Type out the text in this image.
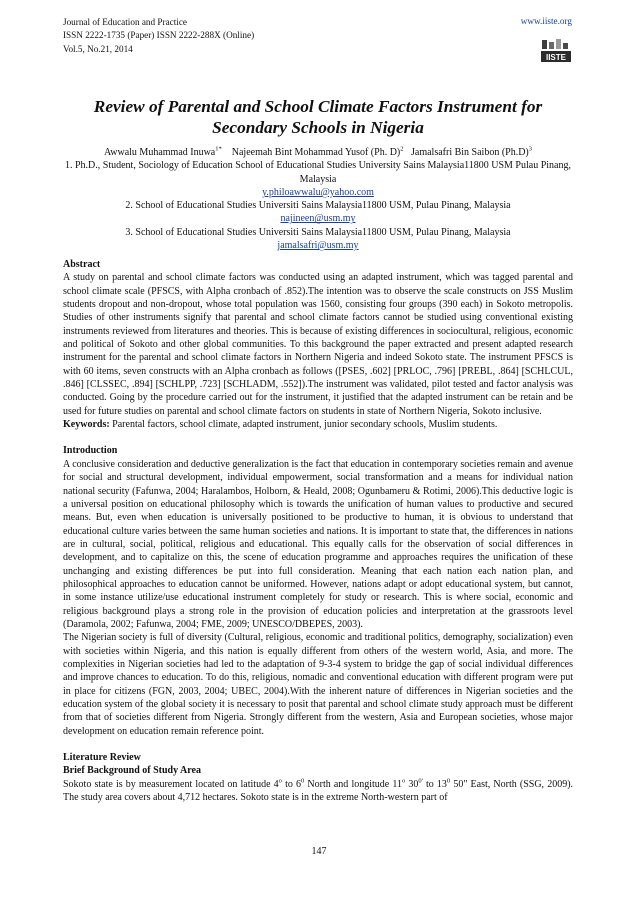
Journal of Education and Practice
ISSN 2222-1735 (Paper) ISSN 2222-288X (Online)
Vol.5, No.21, 2014
www.iiste.org
IISTE
Review of Parental and School Climate Factors Instrument for
Secondary Schools in Nigeria
Awwalu Muhammad Inuwa$^{1*}$ Najeemah Bint Mohammad Yusof (Ph. D)$^2$ Jamalsafri Bin Saibon $(Ph.D)^3$
1. Ph.D., Student, Sociology of Education School of Educational Studies University Sains Malaysia11800 USM Pulau Pinang, Malaysia
y.philoawwalu@yahoo.com
2. School of Educational Studies Universiti Sains Malaysia11800 USM, Pulau Pinang, Malaysia
najineen@usm.my
3. School of Educational Studies Universiti Sains Malaysia11800 USM, Pulau Pinang, Malaysia
jamalsafri@usm.my

Abstract

A study on parental and school climate factors was conducted using an adapted instrument, which was tagged parental and school climate scale (PFSCS, with Alpha cronbach of .852).The intention was to observe the scale constructs on JSS Muslim students dropout and non-dropout, whose total population was 1560, consisting four groups (390 each) in Sokoto metropolis. Studies of other instruments signify that parental and school climate factors cannot be studied using conventional existing instruments reviewed from literatures and theories. This is because of existing differences in sociocultural, religious, economic and political of Sokoto and other global communities. To this background the paper extracted and present adapted research instrument for the parental and school climate factors in Northern Nigeria and indeed Sokoto state. The instrument PFSCS is with 60 items, seven constructs with an Alpha cronbach as follows ([PSES, .602] [PRLOC, .796] [PREBL, .864] [SCHLCUL, .846] [CLSSEC, .894] [SCHLPP, .723] [SCHLADM, .552]).The instrument was validated, pilot tested and factor analysis was conducted. Going by the procedure carried out for the instrument, it justified that the adapted instrument can be retain and be used for future studies on parental and school climate factors on students in state of Northern Nigeria, Sokoto inclusive.

Keywords: Parental factors, school climate, adapted instrument, junior secondary schools, Muslim students.

Introduction

A conclusive consideration and deductive generalization is the fact that education in contemporary societies remain and avenue for social and structural development, individual empowerment, social transformation and a means for individual nation national security (Fafunwa, 2004; Haralambos, Holborn, & Heald, 2008; Ogunbameru & Rotimi, 2006).This deductive logic is a universal position on educational philosophy which is towards the unification of human values to productive and secured means. But, even when education is universally positioned to be productive to human, it is obvious to understand that educational culture varies between the same human societies and nations. It is important to state that, the differences in nations are in cultural, social, political, religious and educational. This equally calls for the observation of social differences in development, and to capitalize on this, the scene of education programme and approaches requires the unification of these unchanging and existing differences be put into full consideration. Meaning that each nation each nation plan, and philosophical approaches to education cannot be uniformed. However, nations adapt or adopt educational system, but cannot, in some instance utilize/use educational instrument completely for study or research. This is where social, economic and religious background plays a strong role in the provision of education policies and interpretation at the grassroots level (Daramola, 2002; Fafunwa, 2004; FME, 2009; UNESCO/DBEPES, 2003).

The Nigerian society is full of diversity (Cultural, religious, economic and traditional politics, demography, socialization) even with societies within Nigeria, and this nation is equally different from others of the western world, Asia, and more. The complexities in Nigerian societies had led to the adaptation of 9-3-4 system to bridge the gap of social individual differences and improve chances to education. To do this, religious, nomadic and conventional education with different program were put in place for citizens (FGN, 2003, 2004; UBEC, 2004).With the inherent nature of differences in Nigerian societies and the education system of the global society it is necessary to posit that parental and school climate study approach must be different from that of societies different from Nigeria. Strongly different from the western, Asia and European societies, whose major development on education remain reference point.

Literature Review

Brief Background of Study Area

Sokoto state is by measurement located on latitude 4$^o$ to $6^0$ North and longitude 11$^o$ $30^{0'}$ to $13^0$ 50" East, North (SSG, 2009). The study area covers about 4,712 hectares. Sokoto state is in the extreme North-western part of

147
